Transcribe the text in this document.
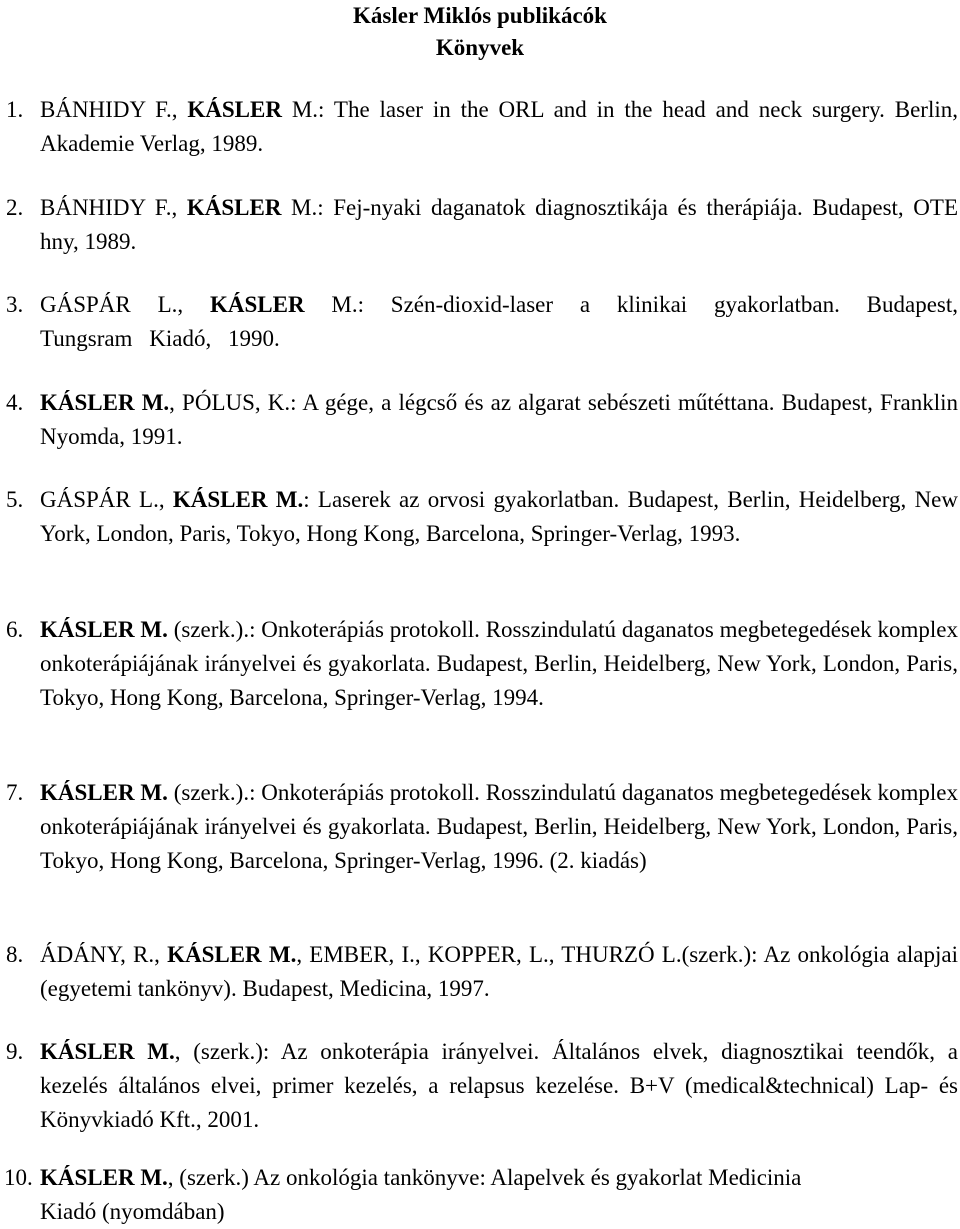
Kásler Miklós publikácók
Könyvek
1. BÁNHIDY F., KÁSLER M.: The laser in the ORL and in the head and neck surgery. Berlin, Akademie Verlag, 1989.
2. BÁNHIDY F., KÁSLER M.: Fej-nyaki daganatok diagnosztikája és therápiája. Budapest, OTE hny, 1989.
3. GÁSPÁR L., KÁSLER M.: Szén-dioxid-laser a klinikai gyakorlatban. Budapest, Tungsram Kiadó, 1990.
4. KÁSLER M., PÓLUS, K.: A gége, a légcső és az algarat sebészeti műtéttana. Budapest, Franklin Nyomda, 1991.
5. GÁSPÁR L., KÁSLER M.: Laserek az orvosi gyakorlatban. Budapest, Berlin, Heidelberg, New York, London, Paris, Tokyo, Hong Kong, Barcelona, Springer-Verlag, 1993.
6. KÁSLER M. (szerk.).: Onkoterápiás protokoll. Rosszindulatú daganatos megbetegedések komplex onkoterápiájának irányelvei és gyakorlata. Budapest, Berlin, Heidelberg, New York, London, Paris, Tokyo, Hong Kong, Barcelona, Springer-Verlag, 1994.
7. KÁSLER M. (szerk.).: Onkoterápiás protokoll. Rosszindulatú daganatos megbetegedések komplex onkoterápiájának irányelvei és gyakorlata. Budapest, Berlin, Heidelberg, New York, London, Paris, Tokyo, Hong Kong, Barcelona, Springer-Verlag, 1996. (2. kiadás)
8. ÁDÁNY, R., KÁSLER M., EMBER, I., KOPPER, L., THURZÓ L.(szerk.): Az onkológia alapjai (egyetemi tankönyv). Budapest, Medicina, 1997.
9. KÁSLER M., (szerk.): Az onkoterápia irányelvei. Általános elvek, diagnosztikai teendők, a kezelés általános elvei, primer kezelés, a relapsus kezelése. B+V (medical&technical) Lap- és Könyvkiadó Kft., 2001.
10. KÁSLER M., (szerk.) Az onkológia tankönyve: Alapelvek és gyakorlat Medicinia Kiadó (nyomdában)
